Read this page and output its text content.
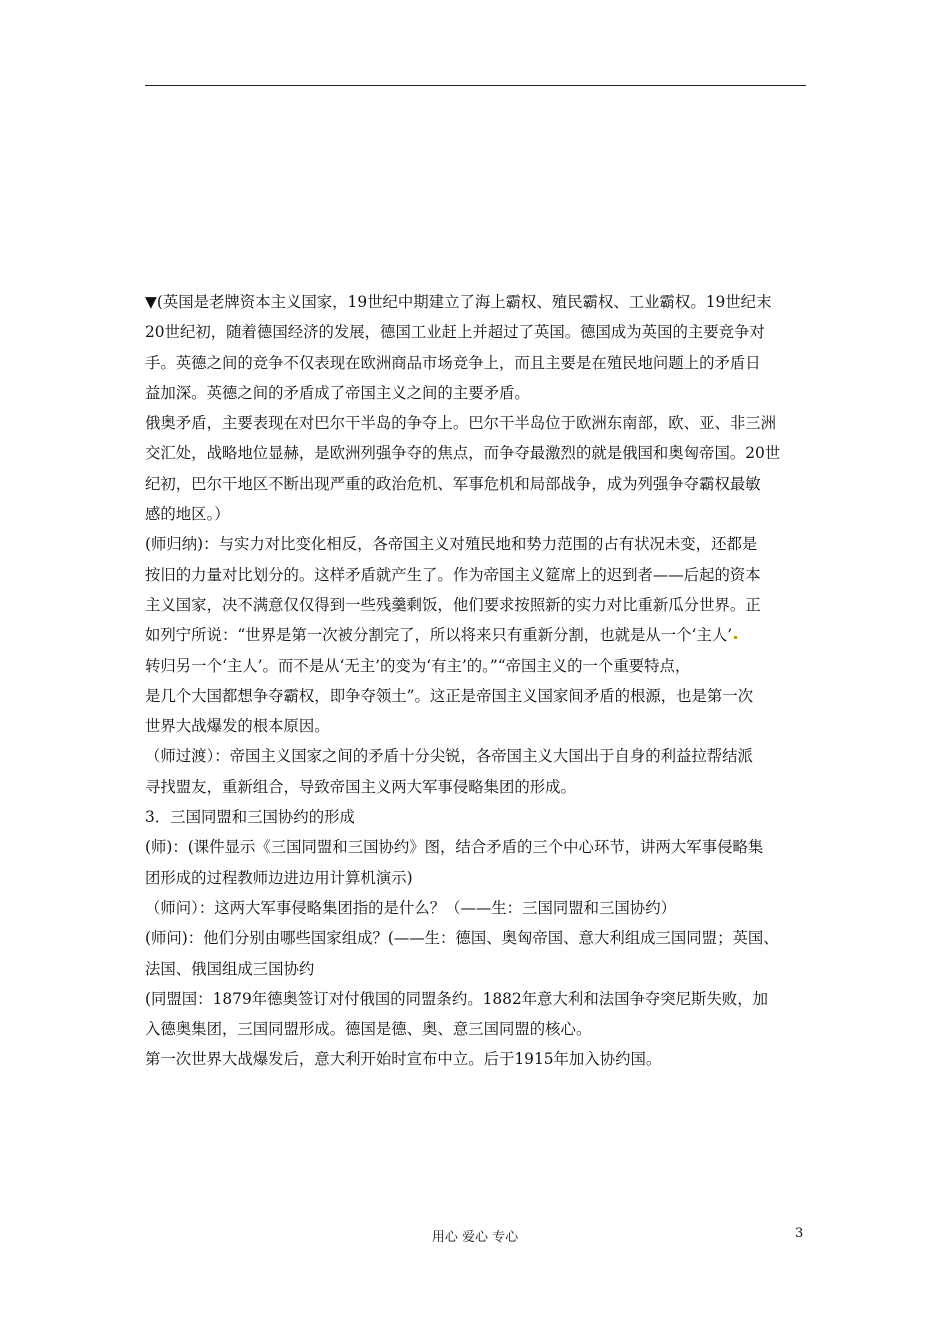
▼(英国是老牌资本主义国家，19世纪中期建立了海上霸权、殖民霸权、工业霸权。19世纪末
20世纪初，随着德国经济的发展，德国工业赶上并超过了英国。德国成为英国的主要竞争对
手。英德之间的竞争不仅表现在欧洲商品市场竞争上，而且主要是在殖民地问题上的矛盾日
益加深。英德之间的矛盾成了帝国主义之间的主要矛盾。

俄奥矛盾，主要表现在对巴尔干半岛的争夺上。巴尔干半岛位于欧洲东南部，欧、亚、非三洲
交汇处，战略地位显赫，是欧洲列强争夺的焦点，而争夺最激烈的就是俄国和奥匈帝国。20世
纪初，巴尔干地区不断出现严重的政治危机、军事危机和局部战争，成为列强争夺霸权最敏
感的地区。）

(师归纳)：与实力对比变化相反，各帝国主义对殖民地和势力范围的占有状况未变，还都是
按旧的力量对比划分的。这样矛盾就产生了。作为帝国主义筵席上的迟到者——后起的资本
主义国家，决不满意仅仅得到一些残羹剩饭，他们要求按照新的实力对比重新瓜分世界。正
如列宁所说：“世界是第一次被分割完了，所以将来只有重新分割，也就是从一个‘主人’
转归另一个‘主人’。而不是从‘无主’的变为‘有主’的。”“帝国主义的一个重要特点，
是几个大国都想争夺霸权，即争夺领土”。这正是帝国主义国家间矛盾的根源，也是第一次
世界大战爆发的根本原因。

（师过渡）：帝国主义国家之间的矛盾十分尖锐，各帝国主义大国出于自身的利益拉帮结派
寻找盟友，重新组合，导致帝国主义两大军事侵略集团的形成。

3．三国同盟和三国协约的形成

(师)：(课件显示《三国同盟和三国协约》图，结合矛盾的三个中心环节，讲两大军事侵略集
团形成的过程教师边进边用计算机演示)

（师问）：这两大军事侵略集团指的是什么？（——生：三国同盟和三国协约）

(师问)：他们分别由哪些国家组成？(——生：德国、奥匈帝国、意大利组成三国同盟；英国、
法国、俄国组成三国协约

(同盟国：1879年德奥签订对付俄国的同盟条约。1882年意大利和法国争夺突尼斯失败，加
入德奥集团，三国同盟形成。德国是德、奥、意三国同盟的核心。

第一次世界大战爆发后，意大利开始时宣布中立。后于1915年加入协约国。

用心 爱心 专心	3
